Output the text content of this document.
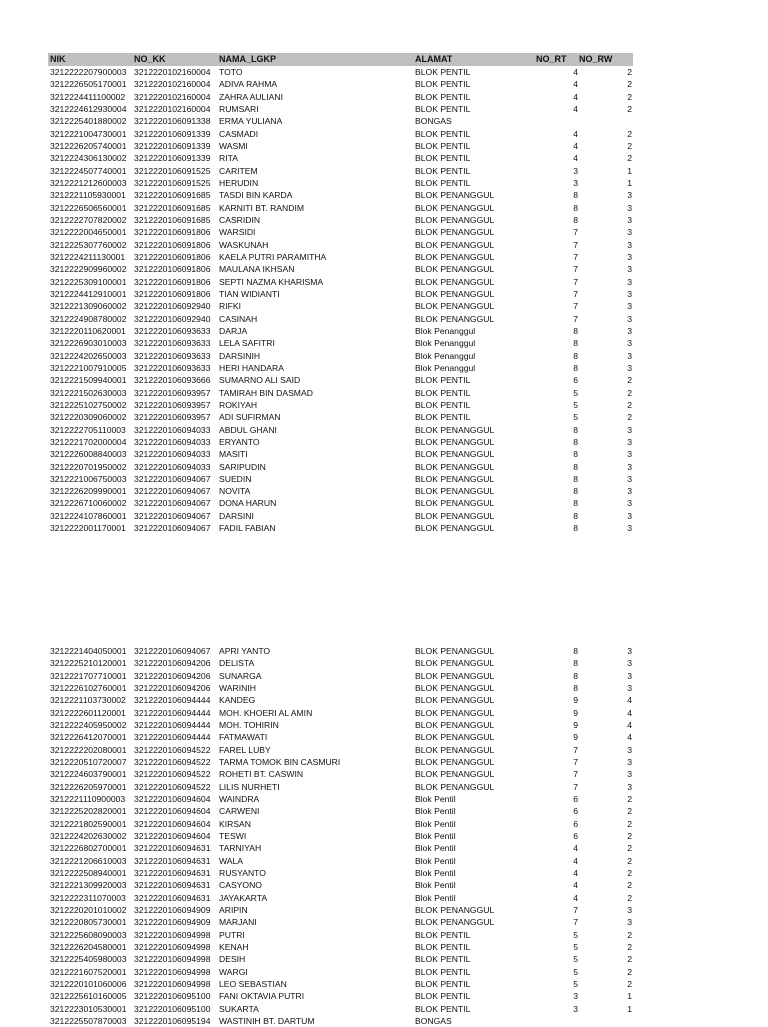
NIK	NO_KK	NAMA_LGKP	ALAMAT	NO_RT NO_RW
3212222207900003 3212220102160004 TOTO	BLOK PENTIL	4	2
3212226505170001 3212220102160004 ADIVA RAHMA	BLOK PENTIL	4	2
3212224411100002 3212220102160004 ZAHRA AULIANI	BLOK PENTIL	4	2
3212224612930004 3212220102160004 RUMSARI	BLOK PENTIL	4	2
3212225401880002 3212220106091338 ERMA YULIANA	BONGAS
3212221004730001 3212220106091339 CASMADI	BLOK PENTIL	4	2
3212226205740001 3212220106091339 WASMI	BLOK PENTIL	4	2
3212224306130002 3212220106091339 RITA	BLOK PENTIL	4	2
3212224507740001 3212220106091525 CARITEM	BLOK PENTIL	3	1
3212221212600003 3212220106091525 HERUDIN	BLOK PENTIL	3	1
3212221105930001 3212220106091685 TASDI BIN KARDA	BLOK PENANGGUL	8	3
3212226506560001 3212220106091685 KARNITI BT. RANDIM	BLOK PENANGGUL	8	3
3212222707820002 3212220106091685 CASRIDIN	BLOK PENANGGUL	8	3
3212222004650001 3212220106091806 WARSIDI	BLOK PENANGGUL	7	3
3212225307760002 3212220106091806 WASKUNAH	BLOK PENANGGUL	7	3
3212224211130001 3212220106091806 KAELA PUTRI PARAMITHA	BLOK PENANGGUL	7	3
3212222909960002 3212220106091806 MAULANA IKHSAN	BLOK PENANGGUL	7	3
3212225309100001 3212220106091806 SEPTI NAZMA KHARISMA	BLOK PENANGGUL	7	3
3212224412910001 3212220106091806 TIAN WIDIANTI	BLOK PENANGGUL	7	3
3212221309060002 3212220106092940 RIFKI	BLOK PENANGGUL	7	3
3212224908780002 3212220106092940 CASINAH	BLOK PENANGGUL	7	3
3212220110620001 3212220106093633 DARJA	Blok Penanggul	8	3
3212226903010003 3212220106093633 LELA SAFITRI	Blok Penanggul	8	3
3212224202650003 3212220106093633 DARSINIH	Blok Penanggul	8	3
3212221007910005 3212220106093633 HERI HANDARA	Blok Penanggul	8	3
3212221509940001 3212220106093666 SUMARNO ALI SAID	BLOK PENTIL	6	2
3212221502630003 3212220106093957 TAMIRAH BIN DASMAD	BLOK PENTIL	5	2
3212225102750002 3212220106093957 ROKIYAH	BLOK PENTIL	5	2
3212220309060002 3212220106093957 ADI SUFIRMAN	BLOK PENTIL	5	2
3212222705110003 3212220106094033 ABDUL GHANI	BLOK PENANGGUL	8	3
3212221702000004 3212220106094033 ERYANTO	BLOK PENANGGUL	8	3
3212226008840003 3212220106094033 MASITI	BLOK PENANGGUL	8	3
3212220701950002 3212220106094033 SARIPUDIN	BLOK PENANGGUL	8	3
3212221006750003 3212220106094067 SUEDIN	BLOK PENANGGUL	8	3
3212226209990001 3212220106094067 NOVITA	BLOK PENANGGUL	8	3
3212226710060002 3212220106094067 DONA HARUN	BLOK PENANGGUL	8	3
3212224107860001 3212220106094067 DARSINI	BLOK PENANGGUL	8	3
3212222001170001 3212220106094067 FADIL FABIAN	BLOK PENANGGUL	8	3
3212221404050001 3212220106094067 APRI YANTO	BLOK PENANGGUL	8	3
3212225210120001 3212220106094206 DELISTA	BLOK PENANGGUL	8	3
3212221707710001 3212220106094206 SUNARGA	BLOK PENANGGUL	8	3
3212226102760001 3212220106094206 WARINIH	BLOK PENANGGUL	8	3
3212221103730002 3212220106094444 KANDEG	BLOK PENANGGUL	9	4
3212222601120001 3212220106094444 MOH. KHOERI AL AMIN	BLOK PENANGGUL	9	4
3212222405950002 3212220106094444 MOH. TOHIRIN	BLOK PENANGGUL	9	4
3212226412070001 3212220106094444 FATMAWATI	BLOK PENANGGUL	9	4
3212222202080001 3212220106094522 FAREL LUBY	BLOK PENANGGUL	7	3
3212220510720007 3212220106094522 TARMA TOMOK BIN CASMURI	BLOK PENANGGUL	7	3
3212224603790001 3212220106094522 ROHETI BT. CASWIN	BLOK PENANGGUL	7	3
3212226205970001 3212220106094522 LILIS NURHETI	BLOK PENANGGUL	7	3
3212221110900003 3212220106094604 WAINDRA	Blok Pentil	6	2
3212225202820001 3212220106094604 CARWENI	Blok Pentil	6	2
3212221802590001 3212220106094604 KIRSAN	Blok Pentil	6	2
3212224202630002 3212220106094604 TESWI	Blok Pentil	6	2
3212226802700001 3212220106094631 TARNIYAH	Blok Pentil	4	2
3212221206610003 3212220106094631 WALA	Blok Pentil	4	2
3212222508940001 3212220106094631 RUSYANTO	Blok Pentil	4	2
3212221309920003 3212220106094631 CASYONO	Blok Pentil	4	2
3212222311070003 3212220106094631 JAYAKARTA	Blok Pentil	4	2
3212220201010002 3212220106094909 ARIPIN	BLOK PENANGGUL	7	3
3212220805730001 3212220106094909 MARJANI	BLOK PENANGGUL	7	3
3212225608090003 3212220106094998 PUTRI	BLOK PENTIL	5	2
3212226204580001 3212220106094998 KENAH	BLOK PENTIL	5	2
3212225405980003 3212220106094998 DESIH	BLOK PENTIL	5	2
3212221607520001 3212220106094998 WARGI	BLOK PENTIL	5	2
3212220101060006 3212220106094998 LEO SEBASTIAN	BLOK PENTIL	5	2
3212225610160005 3212220106095100 FANI OKTAVIA PUTRI	BLOK PENTIL	3	1
3212223010530001 3212220106095100 SUKARTA	BLOK PENTIL	3	1
3212225507870003 3212220106095194 WASTINIH BT. DARTUM	BONGAS
